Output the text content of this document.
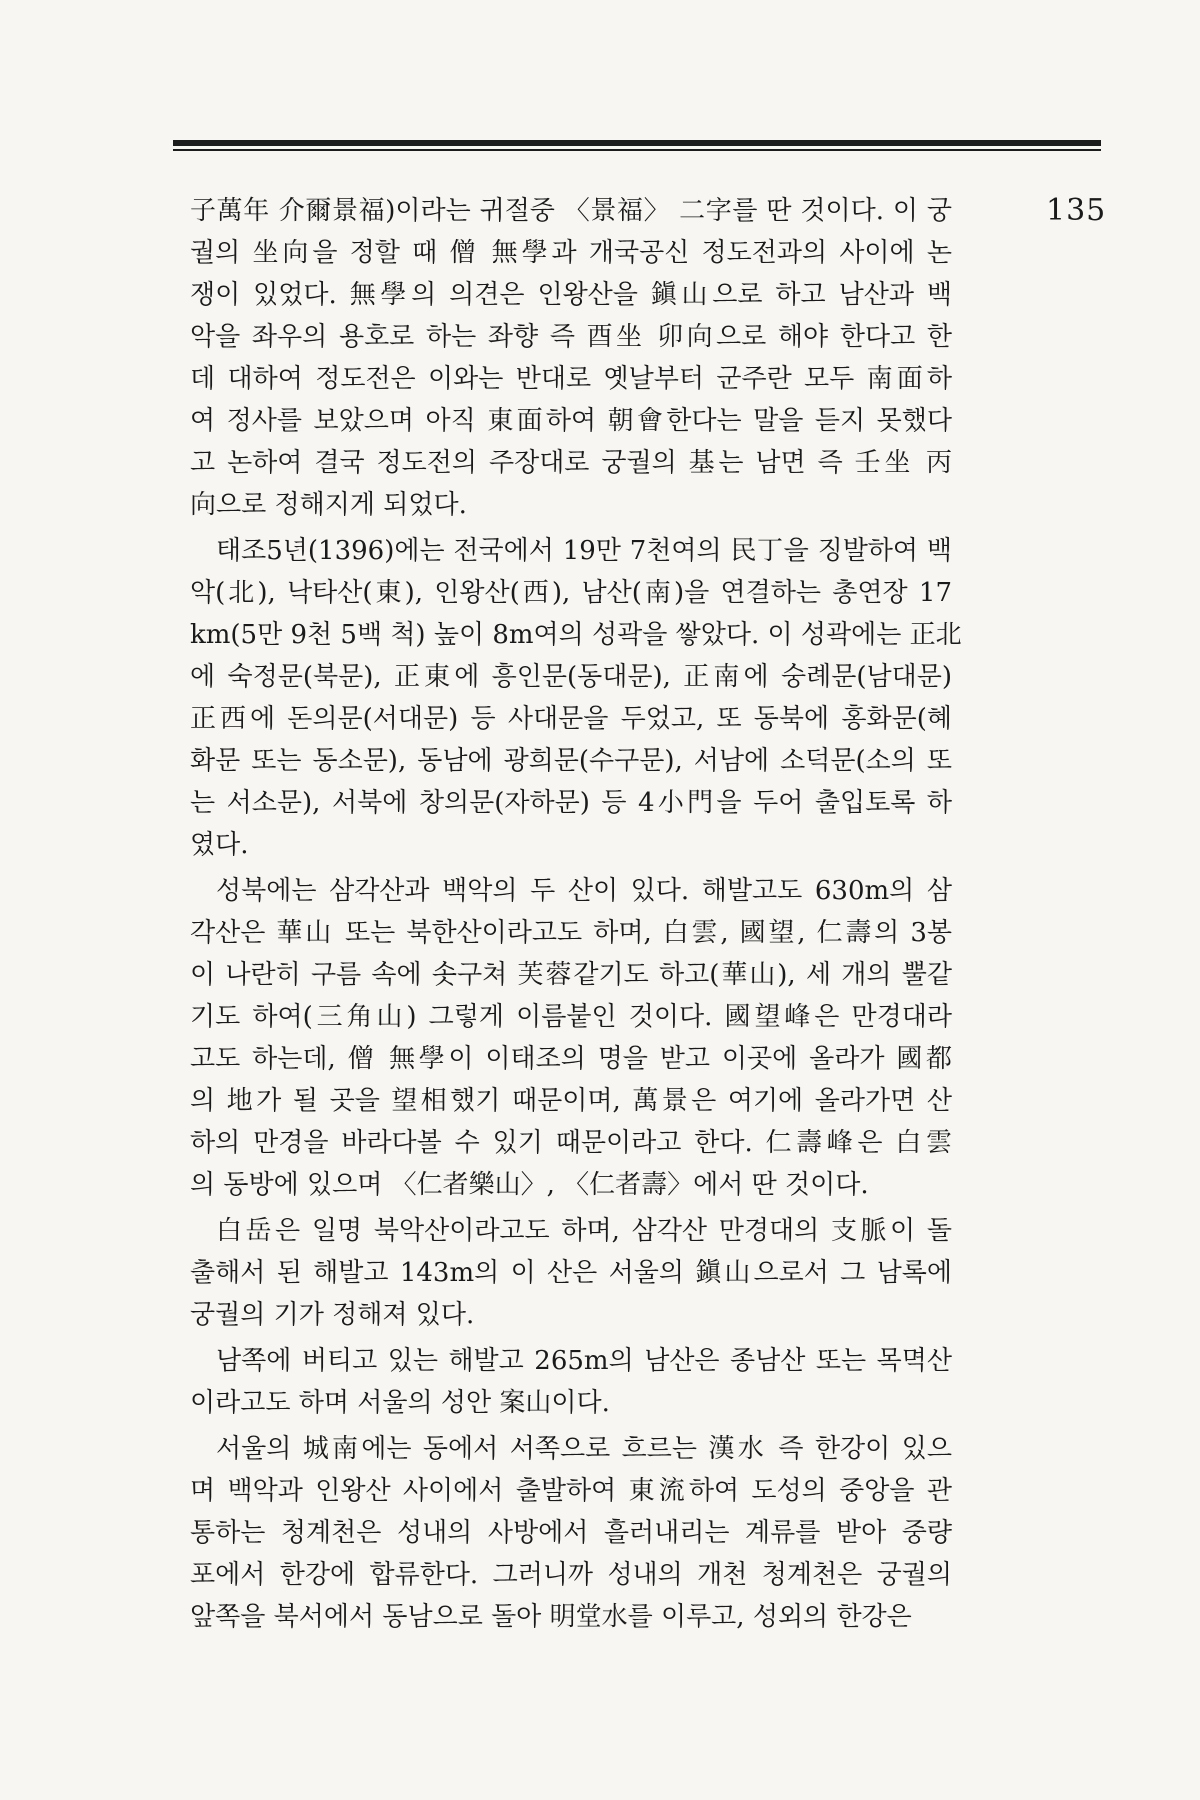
135
子萬年 介爾景福)이라는 귀절중 〈景福〉 二字를 딴 것이다. 이 궁
궐의 坐向을 정할 때 僧 無學과 개국공신 정도전과의 사이에 논
쟁이 있었다. 無學의 의견은 인왕산을 鎭山으로 하고 남산과 백
악을 좌우의 용호로 하는 좌향 즉 酉坐 卯向으로 해야 한다고 한
데 대하여 정도전은 이와는 반대로 옛날부터 군주란 모두 南面하
여 정사를 보았으며 아직 東面하여 朝會한다는 말을 듣지 못했다
고 논하여 결국 정도전의 주장대로 궁궐의 基는 남면 즉 壬坐 丙
向으로 정해지게 되었다.
태조5년(1396)에는 전국에서 19만 7천여의 民丁을 징발하여 백
악(北), 낙타산(東), 인왕산(西), 남산(南)을 연결하는 총연장 17
km(5만 9천 5백 척) 높이 8m여의 성곽을 쌓았다. 이 성곽에는 正北
에 숙정문(북문), 正東에 흥인문(동대문), 正南에 숭례문(남대문)
正西에 돈의문(서대문) 등 사대문을 두었고, 또 동북에 홍화문(혜
화문 또는 동소문), 동남에 광희문(수구문), 서남에 소덕문(소의 또
는 서소문), 서북에 창의문(자하문) 등 4小門을 두어 출입토록 하
였다.
성북에는 삼각산과 백악의 두 산이 있다. 해발고도 630m의 삼
각산은 華山 또는 북한산이라고도 하며, 白雲, 國望, 仁壽의 3봉
이 나란히 구름 속에 솟구쳐 芙蓉같기도 하고(華山), 세 개의 뿔같
기도 하여(三角山) 그렇게 이름붙인 것이다. 國望峰은 만경대라
고도 하는데, 僧 無學이 이태조의 명을 받고 이곳에 올라가 國都
의 地가 될 곳을 望相했기 때문이며, 萬景은 여기에 올라가면 산
하의 만경을 바라다볼 수 있기 때문이라고 한다. 仁壽峰은 白雲
의 동방에 있으며 〈仁者樂山〉, 〈仁者壽〉에서 딴 것이다.
白岳은 일명 북악산이라고도 하며, 삼각산 만경대의 支脈이 돌
출해서 된 해발고 143m의 이 산은 서울의 鎭山으로서 그 남록에
궁궐의 기가 정해져 있다.
남쪽에 버티고 있는 해발고 265m의 남산은 종남산 또는 목멱산
이라고도 하며 서울의 성안 案山이다.
서울의 城南에는 동에서 서쪽으로 흐르는 漢水 즉 한강이 있으
며 백악과 인왕산 사이에서 출발하여 東流하여 도성의 중앙을 관
통하는 청계천은 성내의 사방에서 흘러내리는 계류를 받아 중량
포에서 한강에 합류한다. 그러니까 성내의 개천 청계천은 궁궐의
앞쪽을 북서에서 동남으로 돌아 明堂水를 이루고, 성외의 한강은
